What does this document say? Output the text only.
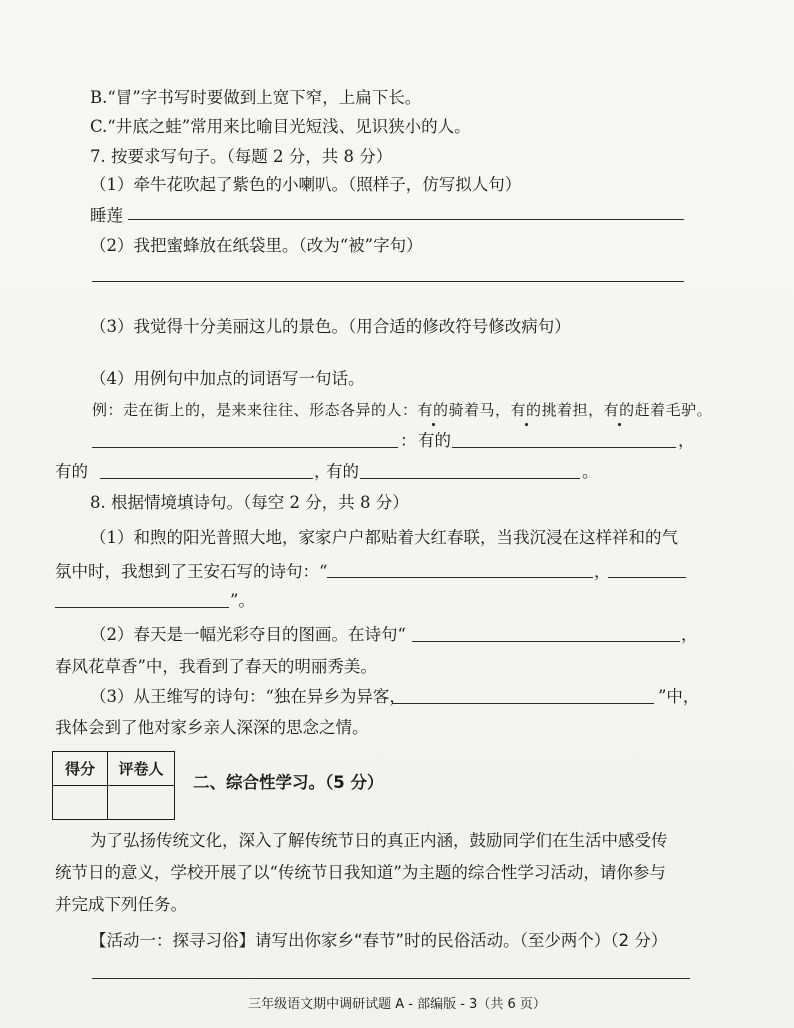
B.“冒”字书写时要做到上宽下窄，上扁下长。
C.“井底之蛙”常用来比喻目光短浅、见识狭小的人。
7. 按要求写句子。（每题 2 分，共 8 分）
（1）牵牛花吹起了紫色的小喇叭。（照样子，仿写拟人句）
睡莲
（2）我把蜜蜂放在纸袋里。（改为“被”字句）
（3）我觉得十分美丽这儿的景色。（用合适的修改符号修改病句）
（4）用例句中加点的词语写一句话。
例：走在街上的，是来来往往、形态各异的人：有的骑着马，有的挑着担，有的赶着毛驴。
： 有的	，
有的	，
有的	。
8. 根据情境填诗句。（每空 2 分，共 8 分）
（1）和煦的阳光普照大地，家家户户都贴着大红春联，当我沉浸在这样祥和的气
氛中时，我想到了王安石写的诗句：“	，
”。
（2）春天是一幅光彩夺目的图画。在诗句“	，
春风花草香”中，我看到了春天的明丽秀美。
（3）从王维写的诗句：“独在异乡为异客，	”中，
我体会到了他对家乡亲人深深的思念之情。
得分	评卷人

二、综合性学习。（5 分）
为了弘扬传统文化，深入了解传统节日的真正内涵，鼓励同学们在生活中感受传
统节日的意义，学校开展了以“传统节日我知道”为主题的综合性学习活动，请你参与
并完成下列任务。
【活动一：探寻习俗】请写出你家乡“春节”时的民俗活动。（至少两个）（2 分）
三年级语文期中调研试题 A - 部编版 - 3（共 6 页）
